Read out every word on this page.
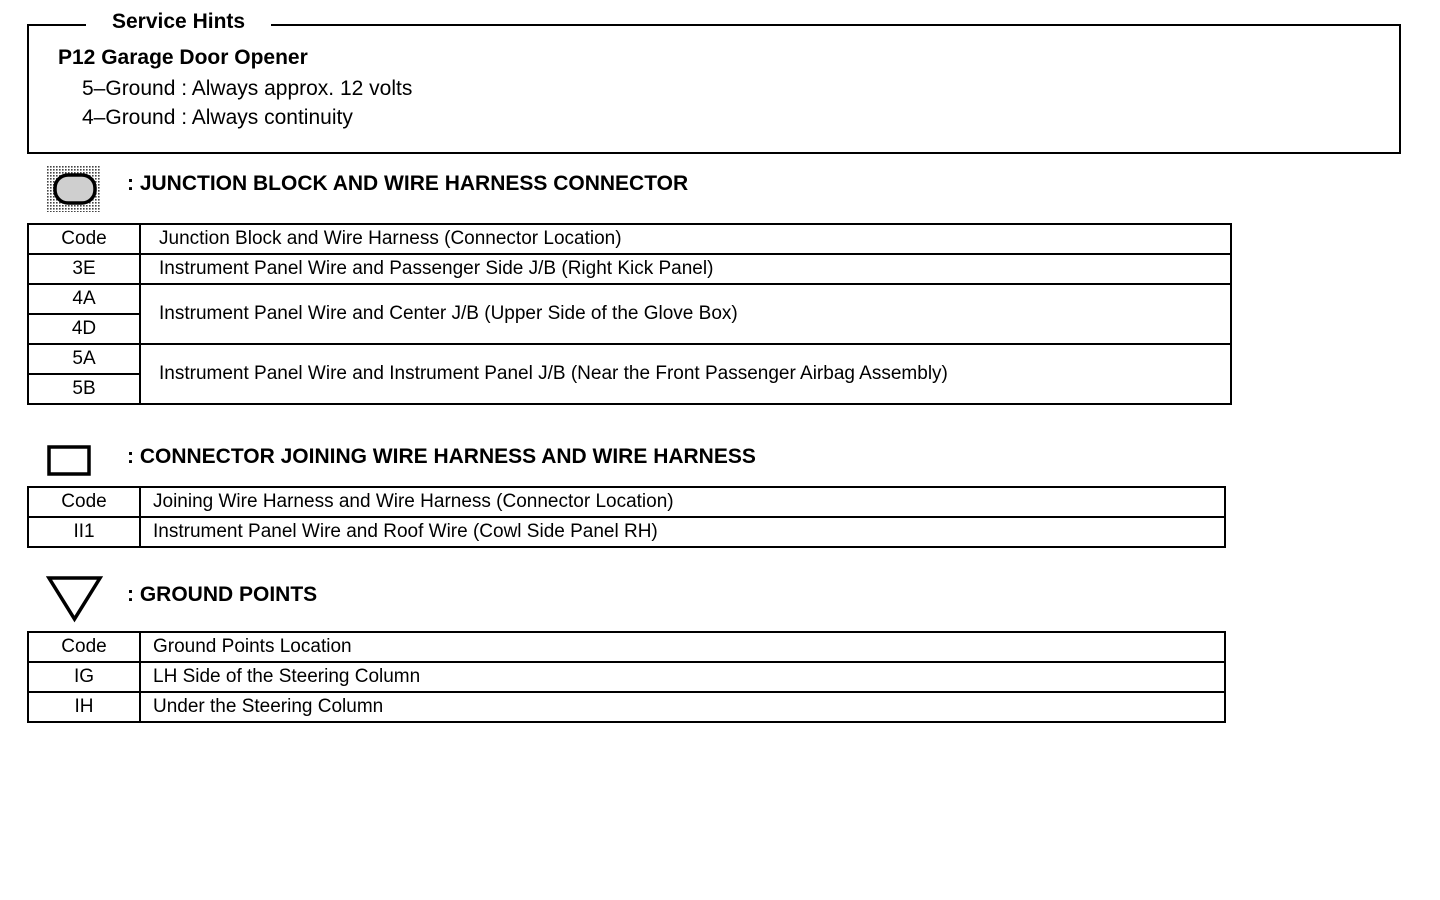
Service Hints
P12 Garage Door Opener
5–Ground : Always approx. 12 volts
4–Ground : Always continuity
: JUNCTION BLOCK AND WIRE HARNESS CONNECTOR
Code	Junction Block and Wire Harness (Connector Location)
3E	Instrument Panel Wire and Passenger Side J/B (Right Kick Panel)
4A	Instrument Panel Wire and Center J/B (Upper Side of the Glove Box)
4D	
5A	Instrument Panel Wire and Instrument Panel J/B (Near the Front Passenger Airbag Assembly)
5B	
: CONNECTOR JOINING WIRE HARNESS AND WIRE HARNESS
Code	Joining Wire Harness and Wire Harness (Connector Location)
II1	Instrument Panel Wire and Roof Wire (Cowl Side Panel RH)
: GROUND POINTS
Code	Ground Points Location
IG	LH Side of the Steering Column
IH	Under the Steering Column
